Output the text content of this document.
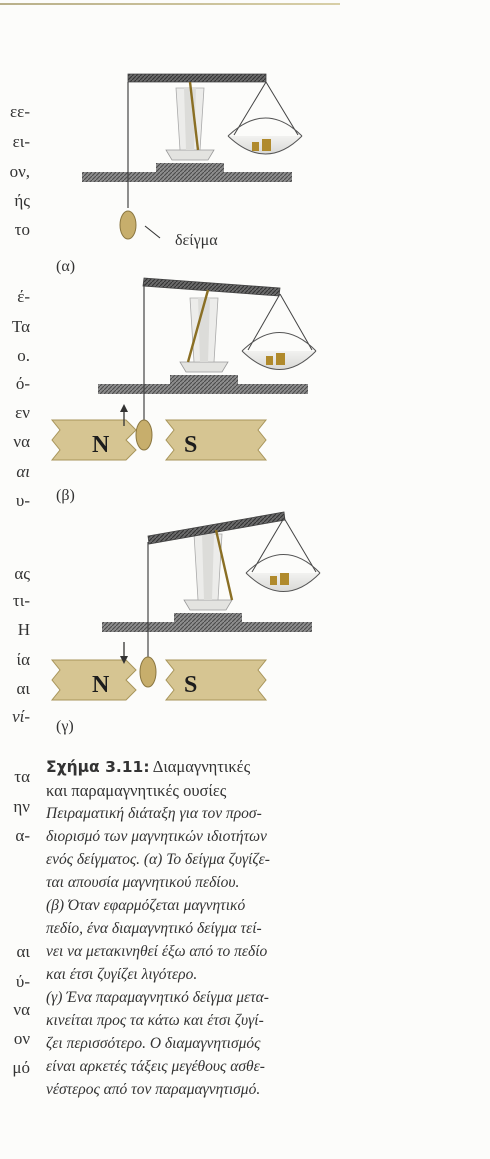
εε-
ει-
ον,
ής
το
έ-
Τα
ο.
ό-
εν
να
αι
υ-
ας
τι-
Η
ία
αι
νί-
τα
ην
α-
αι
ύ-
να
ον
μό
δείγμα
(α)
N	S
(β)
N	S
(γ)
Σχήμα 3.11: Διαμαγνητικές
και παραμαγνητικές ουσίες
Πειραματική διάταξη για τον προσ-
διορισμό των μαγνητικών ιδιοτήτων
ενός δείγματος. (α) Το δείγμα ζυγίζε-
ται απουσία μαγνητικού πεδίου.
(β) Όταν εφαρμόζεται μαγνητικό
πεδίο, ένα διαμαγνητικό δείγμα τεί-
νει να μετακινηθεί έξω από το πεδίο
και έτσι ζυγίζει λιγότερο.
(γ) Ένα παραμαγνητικό δείγμα μετα-
κινείται προς τα κάτω και έτσι ζυγί-
ζει περισσότερο. Ο διαμαγνητισμός
είναι αρκετές τάξεις μεγέθους ασθε-
νέστερος από τον παραμαγνητισμό.
